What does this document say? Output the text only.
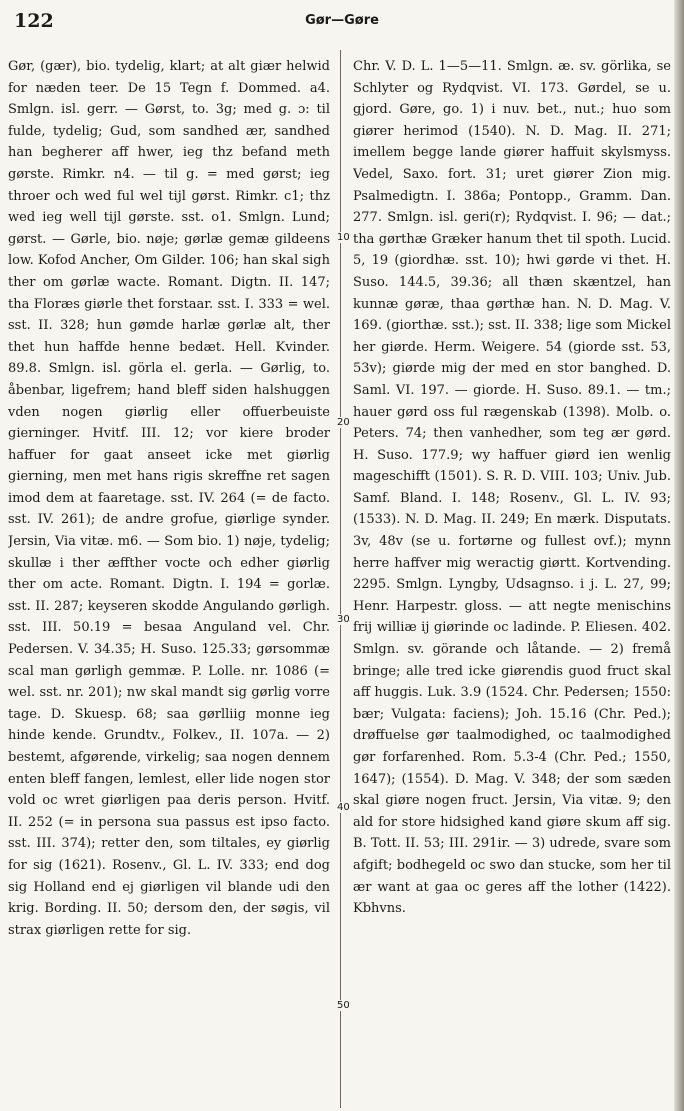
122	Gør—Gøre
Gør, (gær), bio. tydelig, klart; at alt giær helwid for næden teer. De 15 Tegn f. Dommed. a4. Smlgn. isl. gerr. — Gørst, to. 3g; med g. ɔ: til fulde, tydelig; Gud, som sandhed ær, sandhed han begherer aff hwer, ieg thz befand meth gørste. Rimkr. n4. — til g. = med gørst; ieg throer och wed ful wel tijl gørst. Rimkr. c1; thz wed ieg well tijl gørste. sst. o1. Smlgn. Lund; gørst. — Gørle, bio. nøje; gørlæ gemæ gildeens low. Kofod Ancher, Om Gilder. 106; han skal sigh ther om gørlæ wacte. Romant. Digtn. II. 147; tha Floræs giørle thet forstaar. sst. I. 333 = wel. sst. II. 328; hun gømde harlæ gørlæ alt, ther thet hun haffde henne bedæt. Hell. Kvinder. 89.8. Smlgn. isl. görla el. gerla. — Gørlig, to. åbenbar, ligefrem; hand bleff siden halshuggen vden nogen giørlig eller offuerbeuiste gierninger. Hvitf. III. 12; vor kiere broder haffuer for gaat anseet icke met giørlig gierning, men met hans rigis skreffne ret sagen imod dem at faaretage. sst. IV. 264 (= de facto. sst. IV. 261); de andre grofue, giørlige synder. Jersin, Via vitæ. m6. — Som bio. 1) nøje, tydelig; skullæ i ther æffther vocte och edher giørlig ther om acte. Romant. Digtn. I. 194 = gorlæ. sst. II. 287; keyseren skodde Angulando gørligh. sst. III. 50.19 = besaa Anguland vel. Chr. Pedersen. V. 34.35; H. Suso. 125.33; gørsommæ scal man gørligh gemmæ. P. Lolle. nr. 1086 (= wel. sst. nr. 201); nw skal mandt sig gørlig vorre tage. D. Skuesp. 68; saa gørlliig monne ieg hinde kende. Grundtv., Folkev., II. 107a. — 2) bestemt, afgørende, virkelig; saa nogen dennem enten bleff fangen, lemlest, eller lide nogen stor vold oc wret giørligen paa deris person. Hvitf. II. 252 (= in persona sua passus est ipso facto. sst. III. 374); retter den, som tiltales, ey giørlig for sig (1621). Rosenv., Gl. L. IV. 333; end dog sig Holland end ej giørligen vil blande udi den krig. Bording. II. 50; dersom den, der søgis, vil strax giørligen rette for sig.
10
20
30
40
50
Chr. V. D. L. 1—5—11. Smlgn. æ. sv. görlika, se Schlyter og Rydqvist. VI. 173. Gørdel, se u. gjord. Gøre, go. 1) i nuv. bet., nut.; huo som giører herimod (1540). N. D. Mag. II. 271; imellem begge lande giører haffuit skylsmyss. Vedel, Saxo. fort. 31; uret giører Zion mig. Psalmedigtn. I. 386a; Pontopp., Gramm. Dan. 277. Smlgn. isl. geri(r); Rydqvist. I. 96; — dat.; tha gørthæ Græker hanum thet til spoth. Lucid. 5, 19 (giordhæ. sst. 10); hwi gørde vi thet. H. Suso. 144.5, 39.36; all thæn skæntzel, han kunnæ gøræ, thaa gørthæ han. N. D. Mag. V. 169. (giorthæ. sst.); sst. II. 338; lige som Mickel her giørde. Herm. Weigere. 54 (giorde sst. 53, 53v); giørde mig der med en stor banghed. D. Saml. VI. 197. — giorde. H. Suso. 89.1. — tm.; hauer gørd oss ful rægenskab (1398). Molb. o. Peters. 74; then vanhedher, som teg ær gørd. H. Suso. 177.9; wy haffuer giørd ien wenlig mageschifft (1501). S. R. D. VIII. 103; Univ. Jub. Samf. Bland. I. 148; Rosenv., Gl. L. IV. 93; (1533). N. D. Mag. II. 249; En mærk. Disputats. 3v, 48v (se u. fortørne og fullest ovf.); mynn herre haffver mig weractig giørtt. Kortvending. 2295. Smlgn. Lyngby, Udsagnso. i j. L. 27, 99; Henr. Harpestr. gloss. — att negte menischins frij williæ ij giørinde oc ladinde. P. Eliesen. 402. Smlgn. sv. görande och låtande. — 2) fremå bringe; alle tred icke giørendis guod fruct skal aff huggis. Luk. 3.9 (1524. Chr. Pedersen; 1550: bær; Vulgata: faciens); Joh. 15.16 (Chr. Ped.); drøffuelse gør taalmodighed, oc taalmodighed gør forfarenhed. Rom. 5.3-4 (Chr. Ped.; 1550, 1647); (1554). D. Mag. V. 348; der som sæden skal giøre nogen fruct. Jersin, Via vitæ. 9; den ald for store hidsighed kand giøre skum aff sig. B. Tott. II. 53; III. 291ir. — 3) udrede, svare som afgift; bodhegeld oc swo dan stucke, som her til ær want at gaa oc geres aff the lother (1422). Kbhvns.
